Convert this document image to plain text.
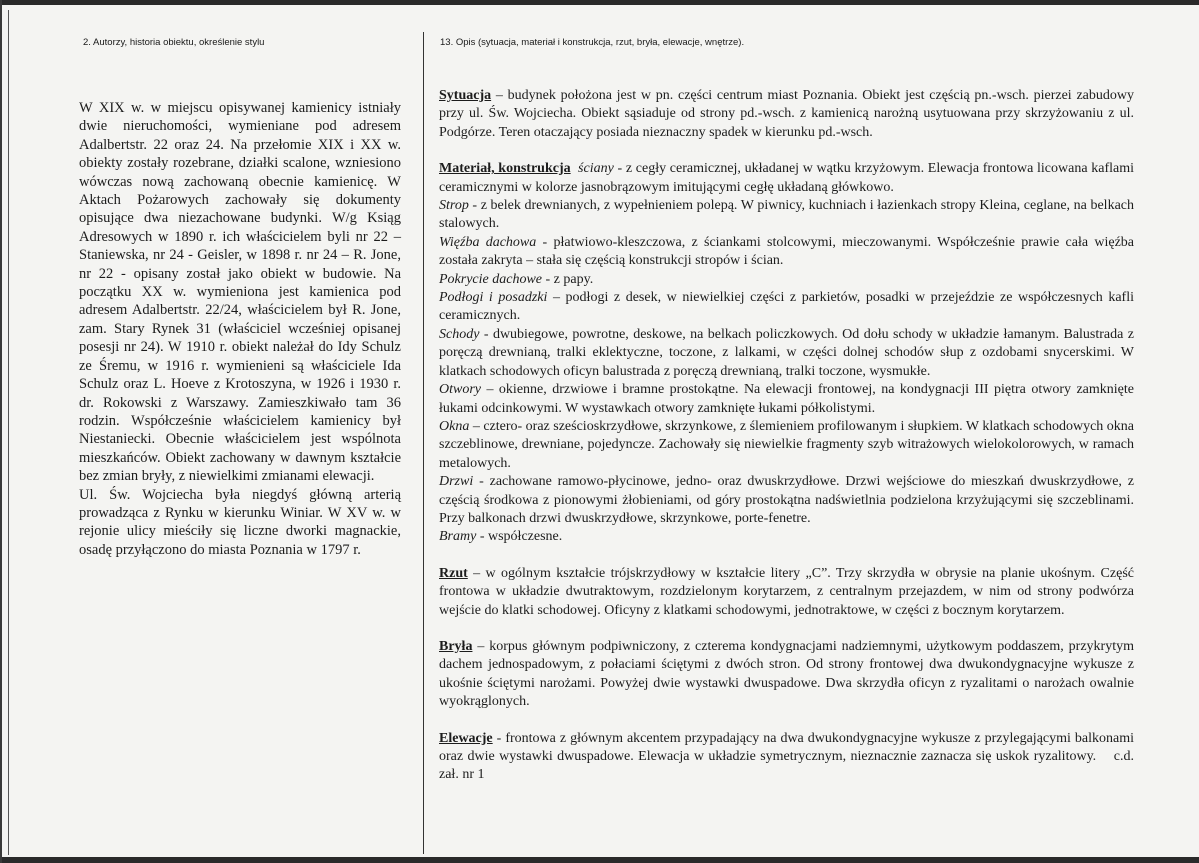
2. Autorzy, historia obiektu, określenie stylu	13. Opis (sytuacja, materiał i konstrukcja, rzut, bryła, elewacje, wnętrze).

W XIX w. w miejscu opisywanej kamienicy istniały dwie nieruchomości, wymieniane pod adresem Adalbertstr. 22 oraz 24. Na przełomie XIX i XX w. obiekty zostały rozebrane, działki scalone, wzniesiono wówczas nową zachowaną obecnie kamienicę. W Aktach Pożarowych zachowały się dokumenty opisujące dwa niezachowane budynki. W/g Ksiąg Adresowych w 1890 r. ich właścicielem byli nr 22 – Staniewska, nr 24 - Geisler, w 1898 r. nr 24 – R. Jone, nr 22 - opisany został jako obiekt w budowie. Na początku XX w. wymieniona jest kamienica pod adresem Adalbertstr. 22/24, właścicielem był R. Jone, zam. Stary Rynek 31 (właściciel wcześniej opisanej posesji nr 24). W 1910 r. obiekt należał do Idy Schulz ze Śremu, w 1916 r. wymienieni są właściciele Ida Schulz oraz L. Hoeve z Krotoszyna, w 1926 i 1930 r. dr. Rokowski z Warszawy. Zamieszkiwało tam 36 rodzin. Współcześnie właścicielem kamienicy był Niestaniecki. Obecnie właścicielem jest wspólnota mieszkańców. Obiekt zachowany w dawnym kształcie bez zmian bryły, z niewielkimi zmianami elewacji.

Ul. Św. Wojciecha była niegdyś główną arterią prowadząca z Rynku w kierunku Winiar. W XV w. w rejonie ulicy mieściły się liczne dworki magnackie, osadę przyłączono do miasta Poznania w 1797 r.

Sytuacja – budynek położona jest w pn. części centrum miast Poznania. Obiekt jest częścią pn.-wsch. pierzei zabudowy przy ul. Św. Wojciecha. Obiekt sąsiaduje od strony pd.-wsch. z kamienicą narożną usytuowana przy skrzyżowaniu z ul. Podgórze. Teren otaczający posiada nieznaczny spadek w kierunku pd.-wsch.
Materiał, konstrukcja ściany - z cegły ceramicznej, układanej w wątku krzyżowym. Elewacja frontowa licowana kaflami ceramicznymi w kolorze jasnobrązowym imitującymi cegłę układaną główkowo.
Strop - z belek drewnianych, z wypełnieniem polepą. W piwnicy, kuchniach i łazienkach stropy Kleina, ceglane, na belkach stalowych.
Więźba dachowa - płatwiowo-kleszczowa, z ściankami stolcowymi, mieczowanymi. Współcześnie prawie cała więźba została zakryta – stała się częścią konstrukcji stropów i ścian.
Pokrycie dachowe - z papy.
Podłogi i posadzki – podłogi z desek, w niewielkiej części z parkietów, posadki w przejeździe ze współczesnych kafli ceramicznych.
Schody - dwubiegowe, powrotne, deskowe, na belkach policzkowych. Od dołu schody w układzie łamanym. Balustrada z poręczą drewnianą, tralki eklektyczne, toczone, z lalkami, w części dolnej schodów słup z ozdobami snycerskimi. W klatkach schodowych oficyn balustrada z poręczą drewnianą, tralki toczone, wysmukłe.
Otwory – okienne, drzwiowe i bramne prostokątne. Na elewacji frontowej, na kondygnacji III piętra otwory zamknięte łukami odcinkowymi. W wystawkach otwory zamknięte łukami półkolistymi.
Okna – cztero- oraz sześcioskrzydłowe, skrzynkowe, z ślemieniem profilowanym i słupkiem. W klatkach schodowych okna szczeblinowe, drewniane, pojedyncze. Zachowały się niewielkie fragmenty szyb witrażowych wielokolorowych, w ramach metalowych.
Drzwi - zachowane ramowo-płycinowe, jedno- oraz dwuskrzydłowe. Drzwi wejściowe do mieszkań dwuskrzydłowe, z częścią środkowa z pionowymi żłobieniami, od góry prostokątna nadświetlnia podzielona krzyżującymi się szczeblinami. Przy balkonach drzwi dwuskrzydłowe, skrzynkowe, porte-fenetre.
Bramy - współczesne.
Rzut – w ogólnym kształcie trójskrzydłowy w kształcie litery „C”. Trzy skrzydła w obrysie na planie ukośnym. Część frontowa w układzie dwutraktowym, rozdzielonym korytarzem, z centralnym przejazdem, w nim od strony podwórza wejście do klatki schodowej. Oficyny z klatkami schodowymi, jednotraktowe, w części z bocznym korytarzem.
Bryła – korpus głównym podpiwniczony, z czterema kondygnacjami nadziemnymi, użytkowym poddaszem, przykrytym dachem jednospadowym, z połaciami ściętymi z dwóch stron. Od strony frontowej dwa dwukondygnacyjne wykusze z ukośnie ściętymi narożami. Powyżej dwie wystawki dwuspadowe. Dwa skrzydła oficyn z ryzalitami o narożach owalnie wyokrąglonych.
Elewacje - frontowa z głównym akcentem przypadający na dwa dwukondygnacyjne wykusze z przylegającymi balkonami oraz dwie wystawki dwuspadowe. Elewacja w układzie symetrycznym, nieznacznie zaznacza się uskok ryzalitowy. c.d. zał. nr 1
